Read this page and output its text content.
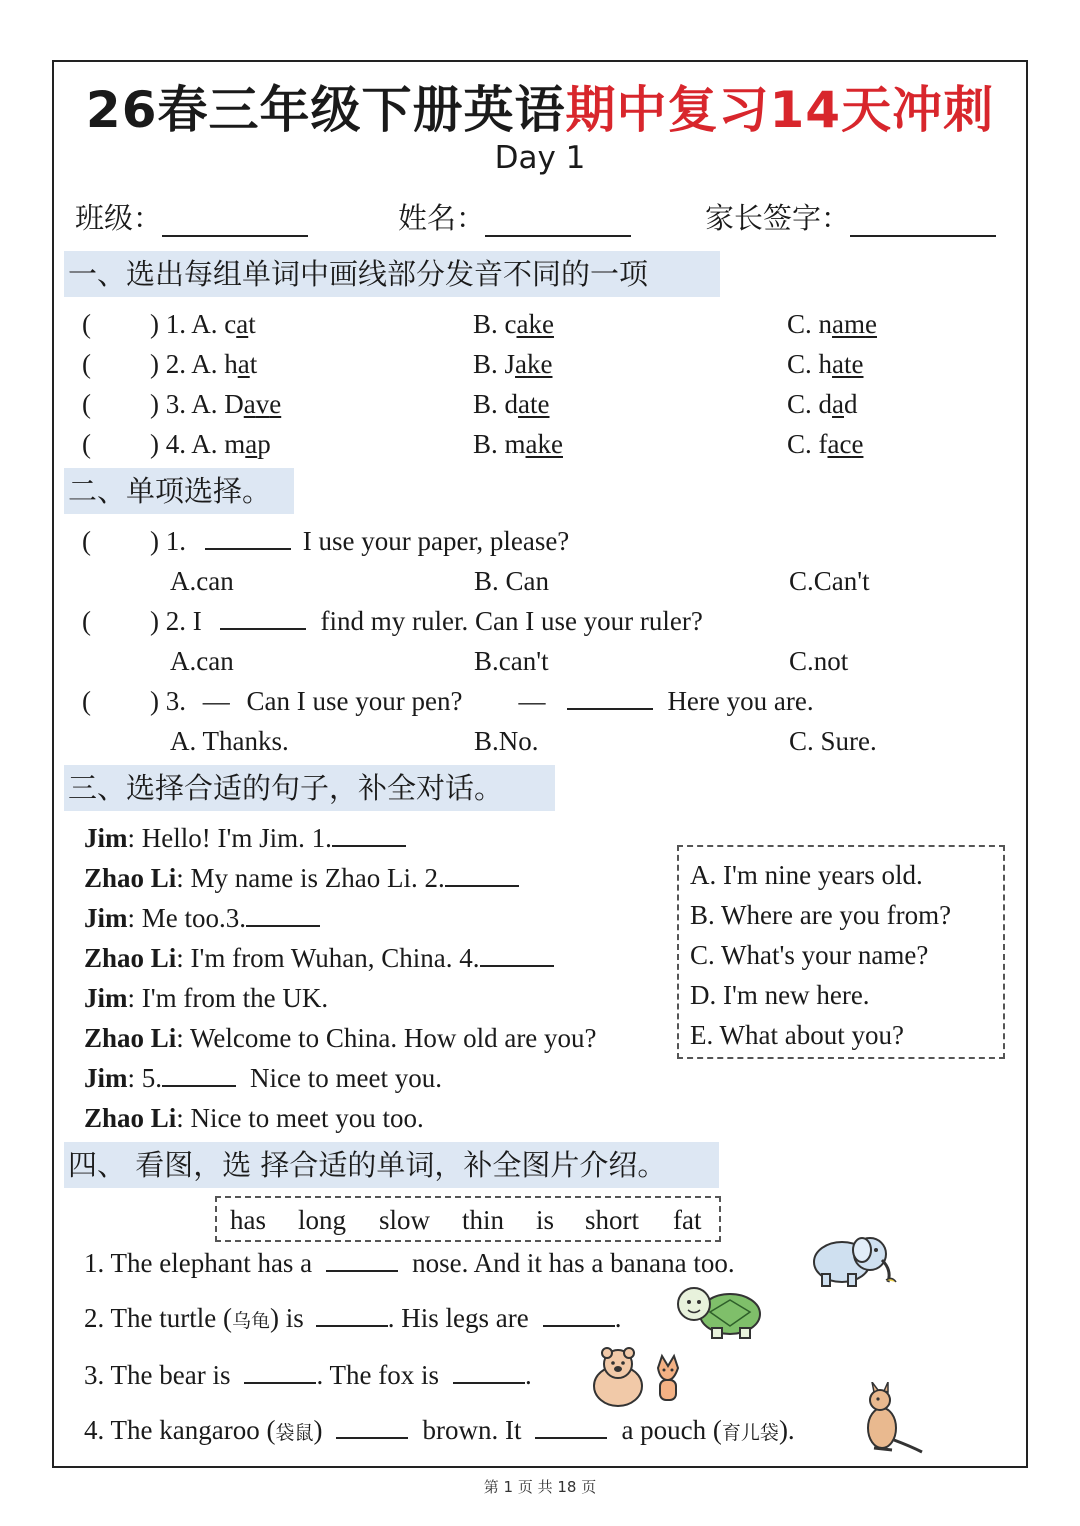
26春三年级下册英语期中复习14天冲刺
Day 1
班级：	姓名：	家长签字：
一、选出每组单词中画线部分发音不同的一项
( ) 1. A. cat	B. cake	C. name
( ) 2. A. hat	B. Jake	C. hate
( ) 3. A. Dave	B. date	C. dad
( ) 4. A. map	B. make	C. face
二、单项选择。
( ) 1.	I use your paper, please?
A.can	B. Can	C.Can't
( ) 2. I	find my ruler. Can I use your ruler?
A.can	B.can't	C.not
( ) 3. — Can I use your pen? —	Here you are.
A. Thanks.	B.No.	C. Sure.
三、选择合适的句子，补全对话。
Jim: Hello! I'm Jim. 1.
Zhao Li: My name is Zhao Li. 2.
Jim: Me too.3.
Zhao Li: I'm from Wuhan, China. 4.
Jim: I'm from the UK.
Zhao Li: Welcome to China. How old are you?
Jim: 5.	Nice to meet you.
Zhao Li: Nice to meet you too.
A. I'm nine years old.
B. Where are you from?
C. What's your name?
D. I'm new here.
E. What about you?
四、 看图，选 择合适的单词，补全图片介绍。
has long slow thin is short fat
1. The elephant has a	nose. And it has a banana too.
2. The turtle (乌龟) is	. His legs are	.
3. The bear is	. The fox is	.
4. The kangaroo (袋鼠)	brown. It	a pouch (育儿袋).
第 1 页 共 18 页
